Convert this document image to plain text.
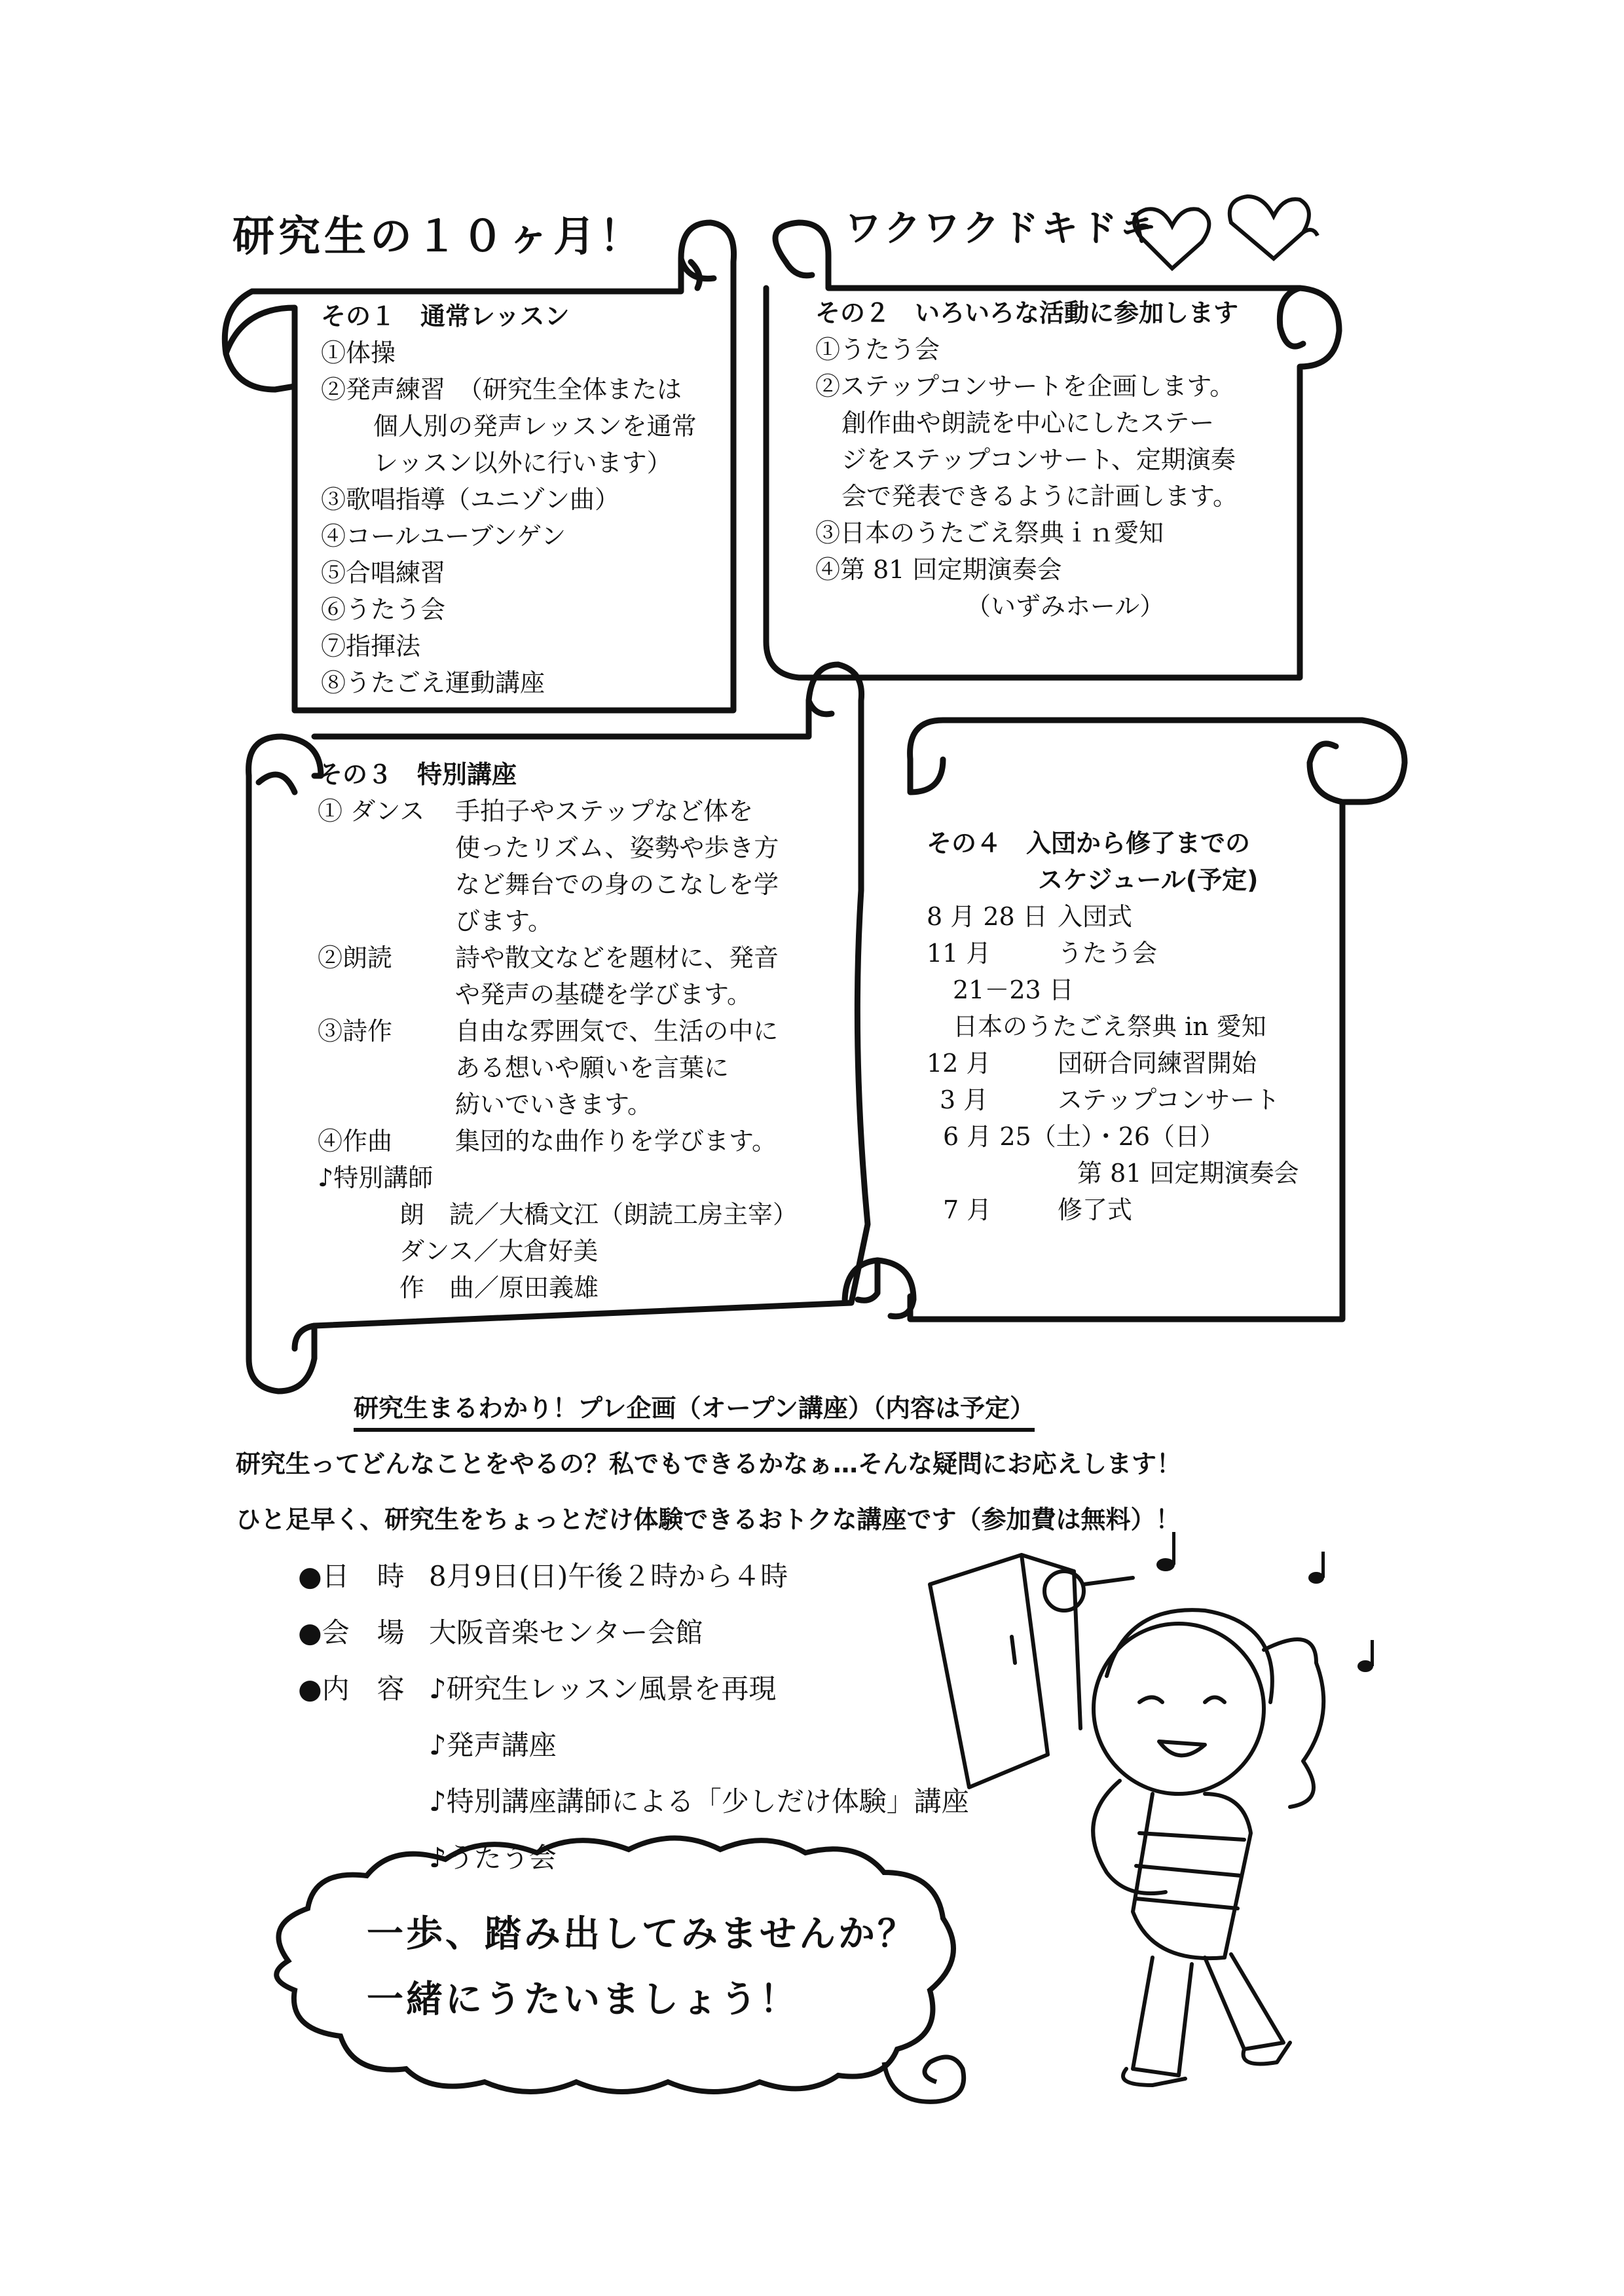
研究生の１０ヶ月！	ワクワクドキドキ
その１　通常レッスン
①体操
②発声練習　（研究生全体または
個人別の発声レッスンを通常
レッスン以外に行います）
③歌唱指導（ユニゾン曲）
④コールユーブンゲン
⑤合唱練習
⑥うたう会
⑦指揮法
⑧うたごえ運動講座
その２　いろいろな活動に参加します
①うたう会
②ステップコンサートを企画します。
創作曲や朗読を中心にしたステー
ジをステップコンサート、定期演奏
会で発表できるように計画します。
③日本のうたごえ祭典ｉｎ愛知
④第 81 回定期演奏会
（いずみホール）
その３　特別講座
① ダンス 手拍子やステップなど体を
使ったリズム、姿勢や歩き方
など舞台での身のこなしを学
びます。
②朗読	詩や散文などを題材に、発音
や発声の基礎を学びます。
③詩作	自由な雰囲気で、生活の中に
ある想いや願いを言葉に
紡いでいきます。
④作曲	集団的な曲作りを学びます。
♪特別講師
朗　読／大橋文江（朗読工房主宰）
ダンス／大倉好美
作　曲／原田義雄
その４　入団から修了までの
スケジュール(予定)
8 月 28 日 入団式
11 月	うたう会
21－23 日
日本のうたごえ祭典 in 愛知
12 月	団研合同練習開始
3 月	ステップコンサート
6 月 25（土）・26（日）
第 81 回定期演奏会
7 月	修了式
研究生まるわかり！プレ企画（オープン講座）（内容は予定）
研究生ってどんなことをやるの？私でもできるかなぁ…そんな疑問にお応えします！
ひと足早く、研究生をちょっとだけ体験できるおトクな講座です（参加費は無料）！
●日　時 8月9日(日)午後２時から４時
●会　場 大阪音楽センター会館
●内　容 ♪研究生レッスン風景を再現
♪発声講座
♪特別講座講師による「少しだけ体験」講座
♪うたう会
一歩、踏み出してみませんか？
一緒にうたいましょう！
